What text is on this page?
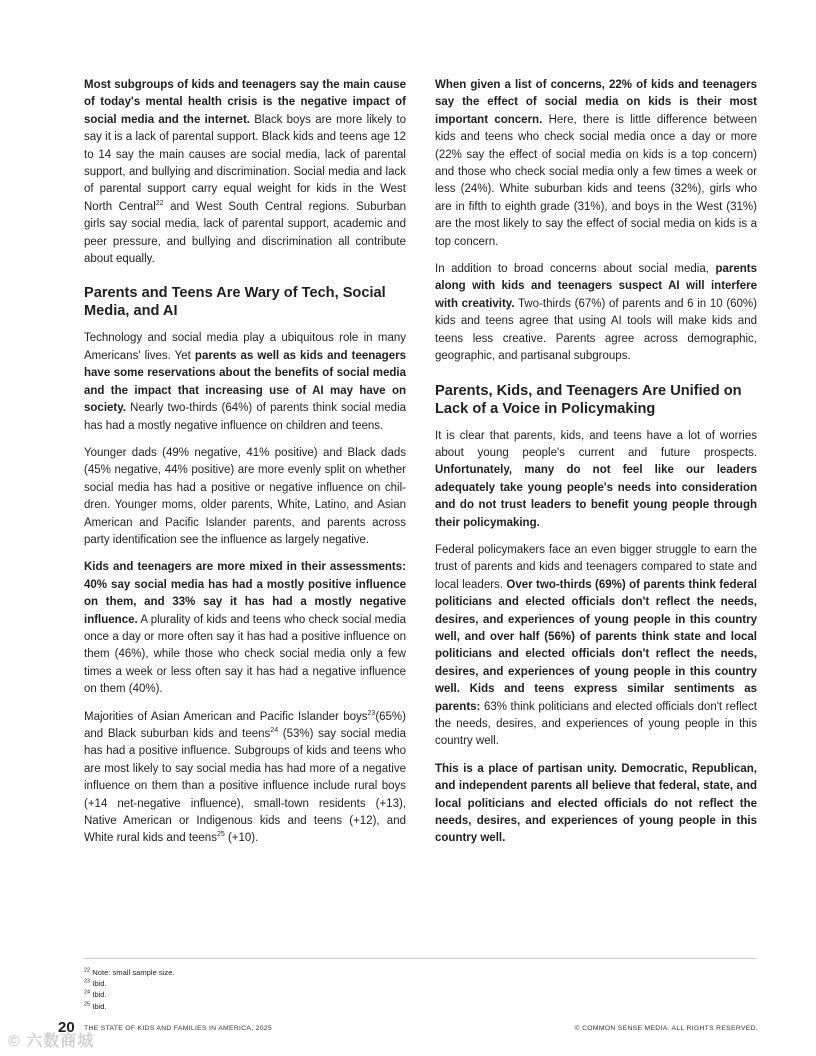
Most subgroups of kids and teenagers say the main cause of today's mental health crisis is the negative impact of social media and the internet. Black boys are more likely to say it is a lack of parental support. Black kids and teens age 12 to 14 say the main causes are social media, lack of parental support, and bullying and discrimination. Social media and lack of parental support carry equal weight for kids in the West North Central$^{22}$ and West South Central regions. Suburban girls say social media, lack of parental support, academic and peer pressure, and bullying and discrimination all contribute about equally.

Parents and Teens Are Wary of Tech, Social Media, and AI

Technology and social media play a ubiquitous role in many Americans' lives. Yet parents as well as kids and teenagers have some reservations about the benefits of social media and the impact that increasing use of AI may have on society. Nearly two-thirds (64%) of parents think social media has had a mostly negative influence on children and teens.

Younger dads (49% negative, 41% positive) and Black dads (45% negative, 44% positive) are more evenly split on whether social media has had a positive or negative influence on children. Younger moms, older parents, White, Latino, and Asian American and Pacific Islander parents, and parents across party identification see the influence as largely negative.

Kids and teenagers are more mixed in their assessments: 40% say social media has had a mostly positive influence on them, and 33% say it has had a mostly negative influence. A plurality of kids and teens who check social media once a day or more often say it has had a positive influence on them (46%), while those who check social media only a few times a week or less often say it has had a negative influence on them (40%).

Majorities of Asian American and Pacific Islander boys$^{23}$(65%) and Black suburban kids and teens$^{24}$ (53%) say social media has had a positive influence. Subgroups of kids and teens who are most likely to say social media has had more of a negative influence on them than a positive influence include rural boys (+14 net-negative influence), small-town residents (+13), Native American or Indigenous kids and teens (+12), and White rural kids and teens$^{25}$ (+10).

When given a list of concerns, 22% of kids and teenagers say the effect of social media on kids is their most important concern. Here, there is little difference between kids and teens who check social media once a day or more (22% say the effect of social media on kids is a top concern) and those who check social media only a few times a week or less (24%). White suburban kids and teens (32%), girls who are in fifth to eighth grade (31%), and boys in the West (31%) are the most likely to say the effect of social media on kids is a top concern.

In addition to broad concerns about social media, parents along with kids and teenagers suspect AI will interfere with creativity. Two-thirds (67%) of parents and 6 in 10 (60%) kids and teens agree that using AI tools will make kids and teens less creative. Parents agree across demographic, geographic, and partisanal subgroups.

Parents, Kids, and Teenagers Are Unified on Lack of a Voice in Policymaking

It is clear that parents, kids, and teens have a lot of worries about young people's current and future prospects. Unfortunately, many do not feel like our leaders adequately take young people's needs into consideration and do not trust leaders to benefit young people through their policymaking.

Federal policymakers face an even bigger struggle to earn the trust of parents and kids and teenagers compared to state and local leaders. Over two-thirds (69%) of parents think federal politicians and elected officials don't reflect the needs, desires, and experiences of young people in this country well, and over half (56%) of parents think state and local politicians and elected officials don't reflect the needs, desires, and experiences of young people in this country well. Kids and teens express similar sentiments as parents: 63% think politicians and elected officials don't reflect the needs, desires, and experiences of young people in this country well.

This is a place of partisan unity. Democratic, Republican, and independent parents all believe that federal, state, and local politicians and elected officials do not reflect the needs, desires, and experiences of young people in this country well.

$^{22}$ Note: small sample size.
$^{23}$ Ibid.
$^{24}$ Ibid.
$^{25}$ Ibid.
20 THE STATE OF KIDS AND FAMILIES IN AMERICA, 2025	© COMMON SENSE MEDIA. ALL RIGHTS RESERVED.
© 六数商城
